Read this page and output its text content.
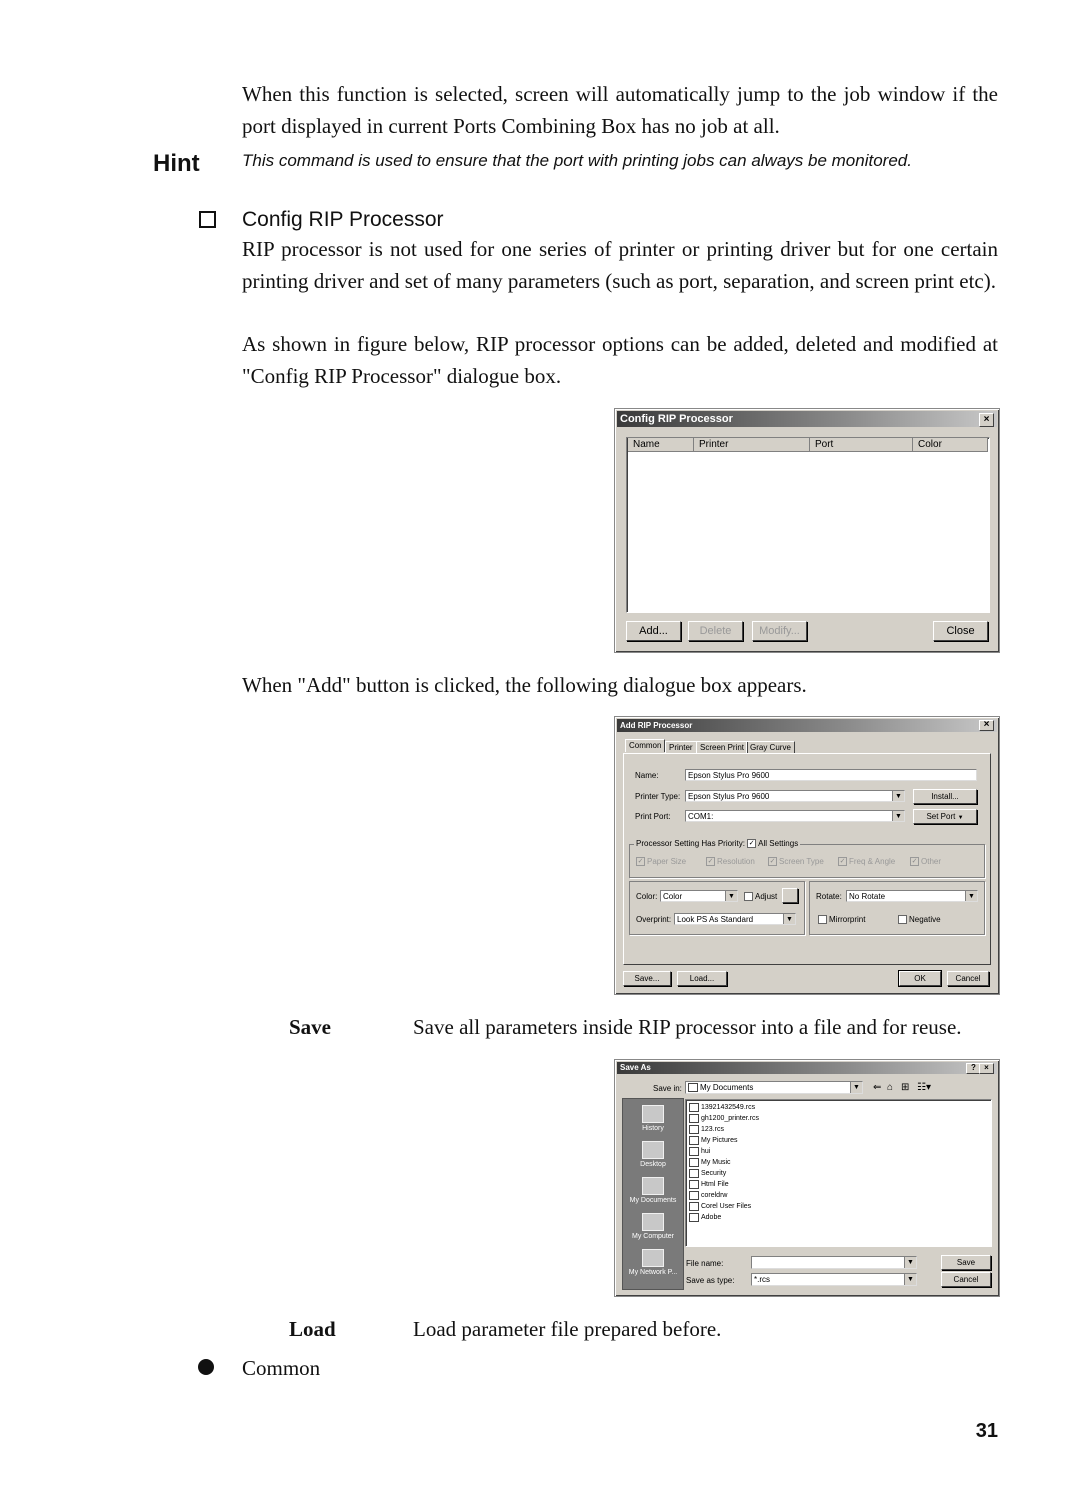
When this function is selected, screen will automatically jump to the job window if the port displayed in current Ports Combining Box has no job at all.
Hint This command is used to ensure that the port with printing jobs can always be monitored.
Config RIP Processor
RIP processor is not used for one series of printer or printing driver but for one certain printing driver and set of many parameters (such as port, separation, and screen print etc).
As shown in figure below, RIP processor options can be added, deleted and modified at "Config RIP Processor" dialogue box.
Config RIP Processor	×
Name	Printer	Port	Color
Add...	Delete	Modify...	Close
When "Add" button is clicked, the following dialogue box appears.
Add RIP Processor	×
Common Printer Screen Print Gray Curve
Name:	Epson Stylus Pro 9600
Printer Type: Epson Stylus Pro 9600	▼	Install...
Print Port:	COM1:	▼	Set Port ▼
Processor Setting Has Priority: ✓ All Settings
✓ Paper Size	✓ Resolution ✓ Screen Type ✓ Freq & Angle ✓ Other
Color: Color	▼	Adjust
Overprint: Look PS As Standard	▼
Rotate: No Rotate	▼
Mirrorprint	Negative
Save...	Load...	OK	Cancel
Save	Save all parameters inside RIP processor into a file and for reuse.
Save As	?	×
Save in:	My Documents	▼ ⇐ ⌂ ⊞ ☷▾
History
Desktop
My Documents
My Computer
My Network P...
13921432549.rcs
gh1200_printer.rcs
123.rcs
My Pictures
hui
My Music
Security
Html File
coreldrw
Corel User Files
Adobe
File name:	▼	Save
Save as type:	*.rcs	▼	Cancel
Load	Load parameter file prepared before.
Common
31
